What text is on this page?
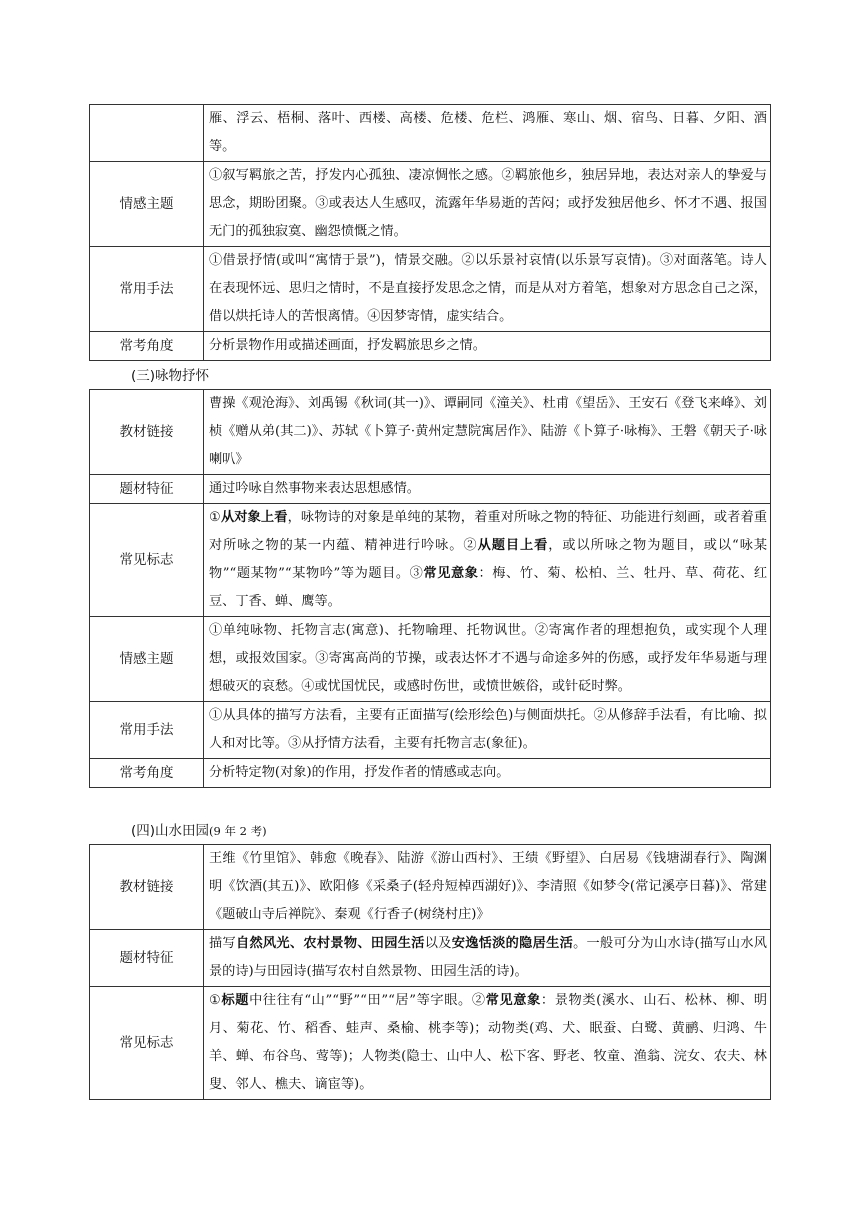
	雁、浮云、梧桐、落叶、西楼、高楼、危楼、危栏、鸿雁、寒山、烟、宿鸟、日暮、夕阳、酒等。
情感主题	①叙写羁旅之苦，抒发内心孤独、凄凉惆怅之感。②羁旅他乡，独居异地，表达对亲人的挚爱与思念，期盼团聚。③或表达人生感叹，流露年华易逝的苦闷；或抒发独居他乡、怀才不遇、报国无门的孤独寂寞、幽怨愤慨之情。
常用手法	①借景抒情(或叫“寓情于景”)，情景交融。②以乐景衬哀情(以乐景写哀情)。③对面落笔。诗人在表现怀远、思归之情时，不是直接抒发思念之情，而是从对方着笔，想象对方思念自己之深，借以烘托诗人的苦恨离情。④因梦寄情，虚实结合。
常考角度	分析景物作用或描述画面，抒发羁旅思乡之情。
(三)咏物抒怀
教材链接	曹操《观沧海》、刘禹锡《秋词(其一)》、谭嗣同《潼关》、杜甫《望岳》、王安石《登飞来峰》、刘桢《赠从弟(其二)》、苏轼《卜算子·黄州定慧院寓居作》、陆游《卜算子·咏梅》、王磐《朝天子·咏喇叭》
题材特征	通过吟咏自然事物来表达思想感情。
常见标志	①从对象上看，咏物诗的对象是单纯的某物，着重对所咏之物的特征、功能进行刻画，或者着重对所咏之物的某一内蕴、精神进行吟咏。②从题目上看，或以所咏之物为题目，或以“咏某物”“题某物”“某物吟”等为题目。③常见意象：梅、竹、菊、松柏、兰、牡丹、草、荷花、红豆、丁香、蝉、鹰等。
情感主题	①单纯咏物、托物言志(寓意)、托物喻理、托物讽世。②寄寓作者的理想抱负，或实现个人理想，或报效国家。③寄寓高尚的节操，或表达怀才不遇与命途多舛的伤感，或抒发年华易逝与理想破灭的哀愁。④或忧国忧民，或感时伤世，或愤世嫉俗，或针砭时弊。
常用手法	①从具体的描写方法看，主要有正面描写(绘形绘色)与侧面烘托。②从修辞手法看，有比喻、拟人和对比等。③从抒情方法看，主要有托物言志(象征)。
常考角度	分析特定物(对象)的作用，抒发作者的情感或志向。
(四)山水田园(9 年 2 考)
教材链接	王维《竹里馆》、韩愈《晚春》、陆游《游山西村》、王绩《野望》、白居易《钱塘湖春行》、陶渊明《饮酒(其五)》、欧阳修《采桑子(轻舟短棹西湖好)》、李清照《如梦令(常记溪亭日暮)》、常建《题破山寺后禅院》、秦观《行香子(树绕村庄)》
题材特征	描写自然风光、农村景物、田园生活以及安逸恬淡的隐居生活。一般可分为山水诗(描写山水风景的诗)与田园诗(描写农村自然景物、田园生活的诗)。
常见标志	①标题中往往有“山”“野”“田”“居”等字眼。②常见意象：景物类(溪水、山石、松林、柳、明月、菊花、竹、稻香、蛙声、桑榆、桃李等)；动物类(鸡、犬、眠蚕、白鹭、黄鹂、归鸿、牛羊、蝉、布谷鸟、莺等)；人物类(隐士、山中人、松下客、野老、牧童、渔翁、浣女、农夫、林叟、邻人、樵夫、谪宦等)。
